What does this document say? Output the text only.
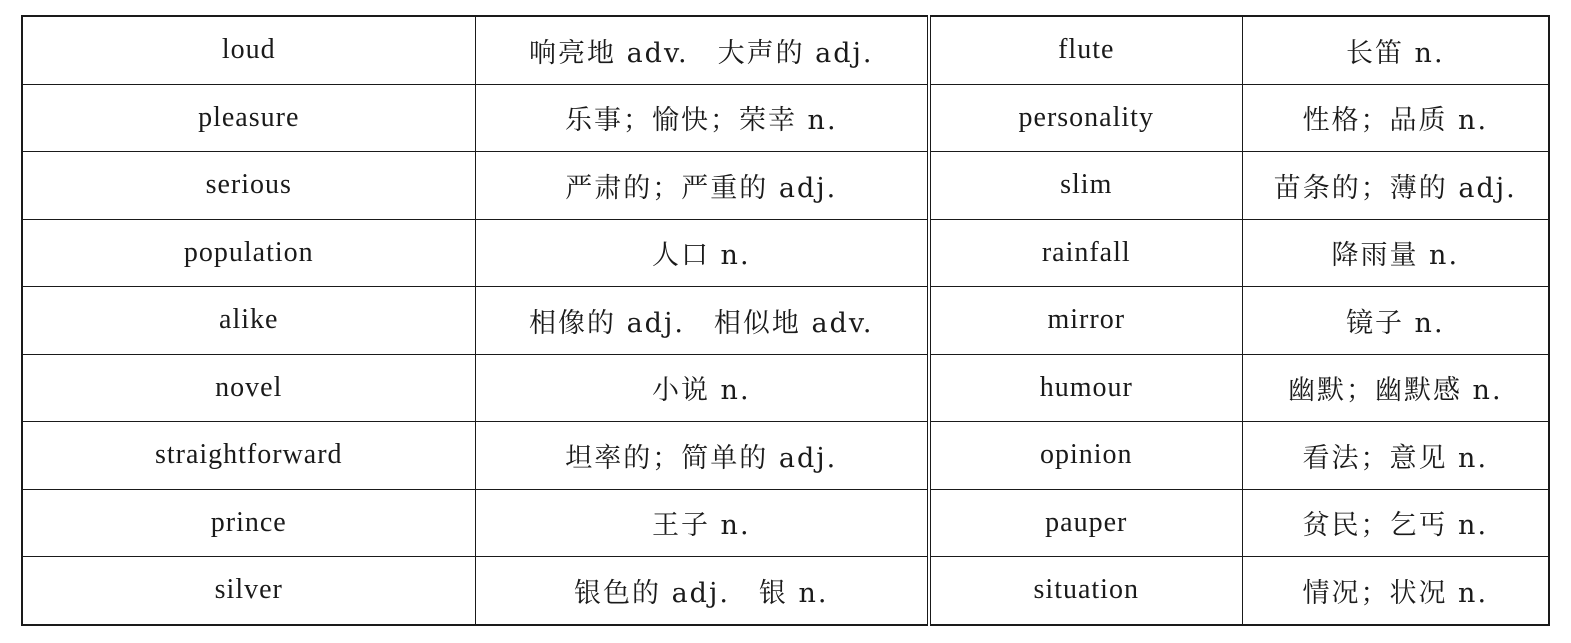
loud	响亮地 adv.　大声的 adj.	flute	长笛 n.
pleasure	乐事；愉快；荣幸 n.	personality	性格；品质 n.
serious	严肃的；严重的 adj.	slim	苗条的；薄的 adj.
population	人口 n.	rainfall	降雨量 n.
alike	相像的 adj.　相似地 adv.	mirror	镜子 n.
novel	小说 n.	humour	幽默；幽默感 n.
straightforward	坦率的；简单的 adj.	opinion	看法；意见 n.
prince	王子 n.	pauper	贫民；乞丐 n.
silver	银色的 adj.　银 n.	situation	情况；状况 n.
